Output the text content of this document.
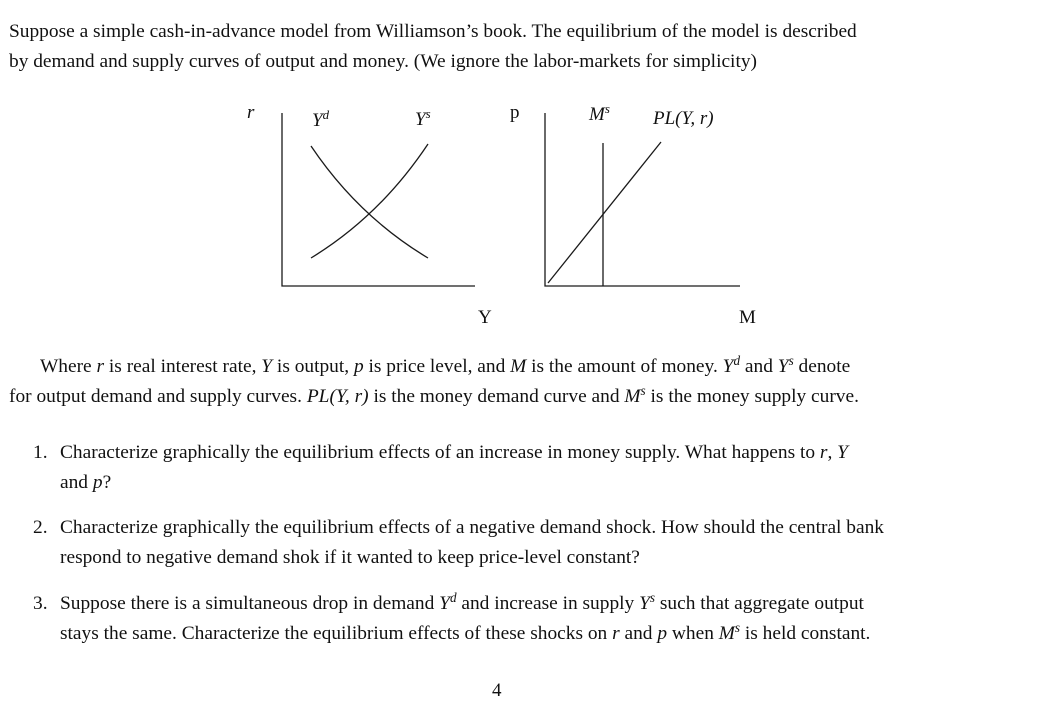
Suppose a simple cash-in-advance model from Williamson’s book. The equilibrium of the model is described
by demand and supply curves of output and money. (We ignore the labor-markets for simplicity)
r	$Y^d$	$Y^s$
Y
p	$M^s$ PL(Y, r)
M
Where r is real interest rate, Y is output, p is price level, and M is the amount of money. $Y^d$ and $Y^s$ denote
for output demand and supply curves. PL(Y, r) is the money demand curve and $M^s$ is the money supply curve.
1. Characterize graphically the equilibrium effects of an increase in money supply. What happens to r, Y
and p?
2. Characterize graphically the equilibrium effects of a negative demand shock. How should the central bank
respond to negative demand shok if it wanted to keep price-level constant?
3. Suppose there is a simultaneous drop in demand $Y^d$ and increase in supply $Y^s$ such that aggregate output
stays the same. Characterize the equilibrium effects of these shocks on r and p when $M^s$ is held constant.
4
